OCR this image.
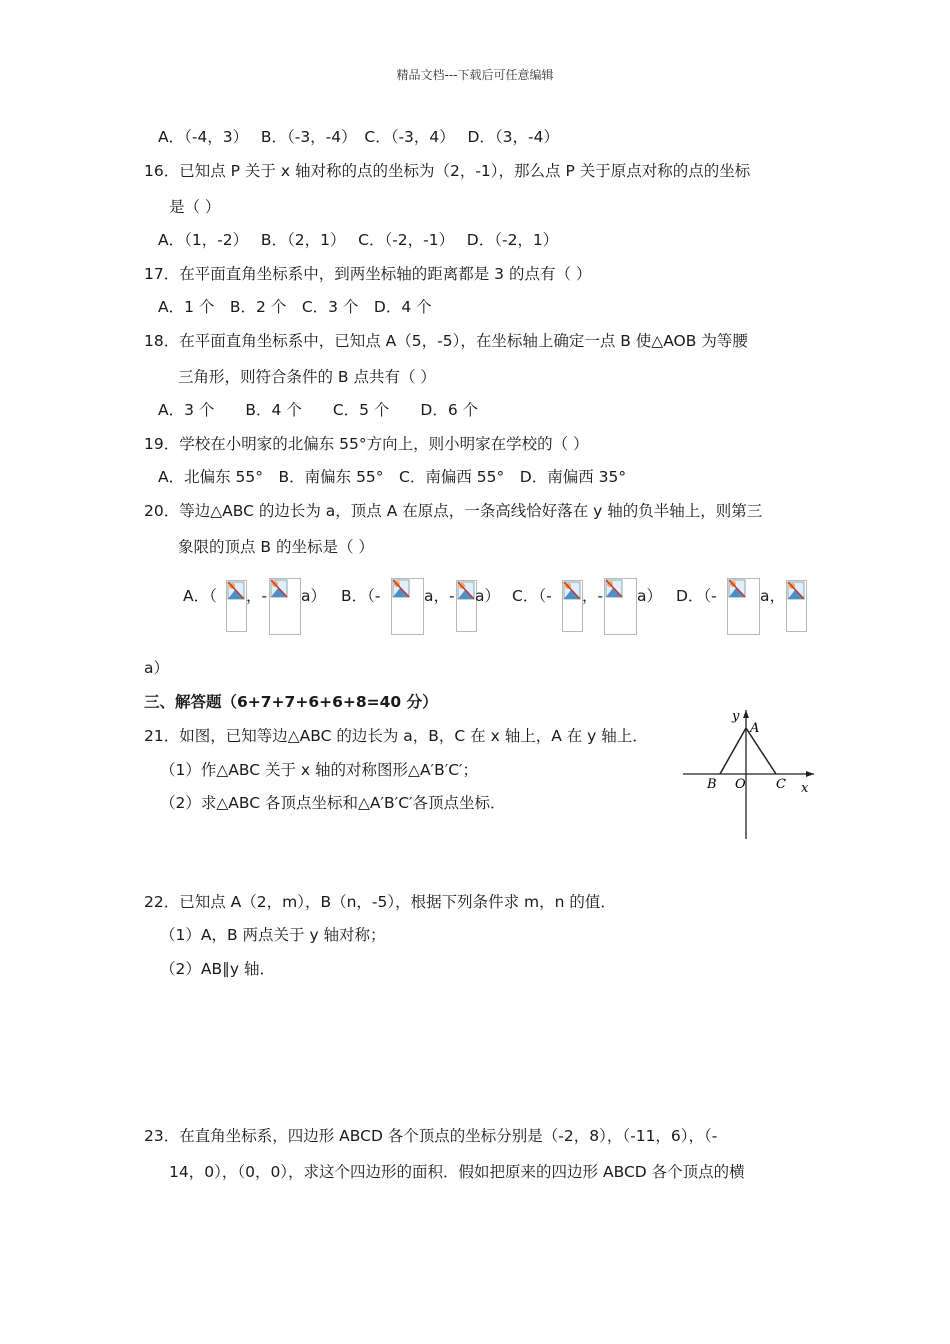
精品文档---下载后可任意编辑
A．（-4，3）　 B．（-3，-4）　C．（-3，4）　 D．（3，-4）
16．已知点 P 关于 x 轴对称的点的坐标为（2，-1），那么点 P 关于原点对称的点的坐标
是（ ）
A．（1，-2）　 B．（2，1）　 C．（-2，-1）　 D．（-2，1）
17．在平面直角坐标系中，到两坐标轴的距离都是 3 的点有（ ）
A．1 个　B．2 个　C．3 个　D．4 个
18．在平面直角坐标系中，已知点 A（5，-5），在坐标轴上确定一点 B 使△AOB 为等腰
三角形，则符合条件的 B 点共有（ ）
A．3 个　　B．4 个　　C．5 个　　D．6 个
19．学校在小明家的北偏东 55°方向上，则小明家在学校的（ ）
A．北偏东 55°　B．南偏东 55°　C．南偏西 55°　D．南偏西 35°
20．等边△ABC 的边长为 a，顶点 A 在原点，一条高线恰好落在 y 轴的负半轴上，则第三
象限的顶点 B 的坐标是（ ）
A．（ ，- a） B．（-	a，- a） C．（- ，- a） D．（-	a，
a）
三、解答题（6+7+7+6+6+8=40 分）
21．如图，已知等边△ABC 的边长为 a，B，C 在 x 轴上，A 在 y 轴上．
（1）作△ABC 关于 x 轴的对称图形△A′B′C′；
（2）求△ABC 各顶点坐标和△A′B′C′各顶点坐标．
y
A
B O C x
22．已知点 A（2，m），B（n，-5），根据下列条件求 m，n 的值．
（1）A，B 两点关于 y 轴对称；
（2）AB∥y 轴．
23．在直角坐标系，四边形 ABCD 各个顶点的坐标分别是（-2，8），（-11，6），（-
14，0），（0，0），求这个四边形的面积．假如把原来的四边形 ABCD 各个顶点的横
